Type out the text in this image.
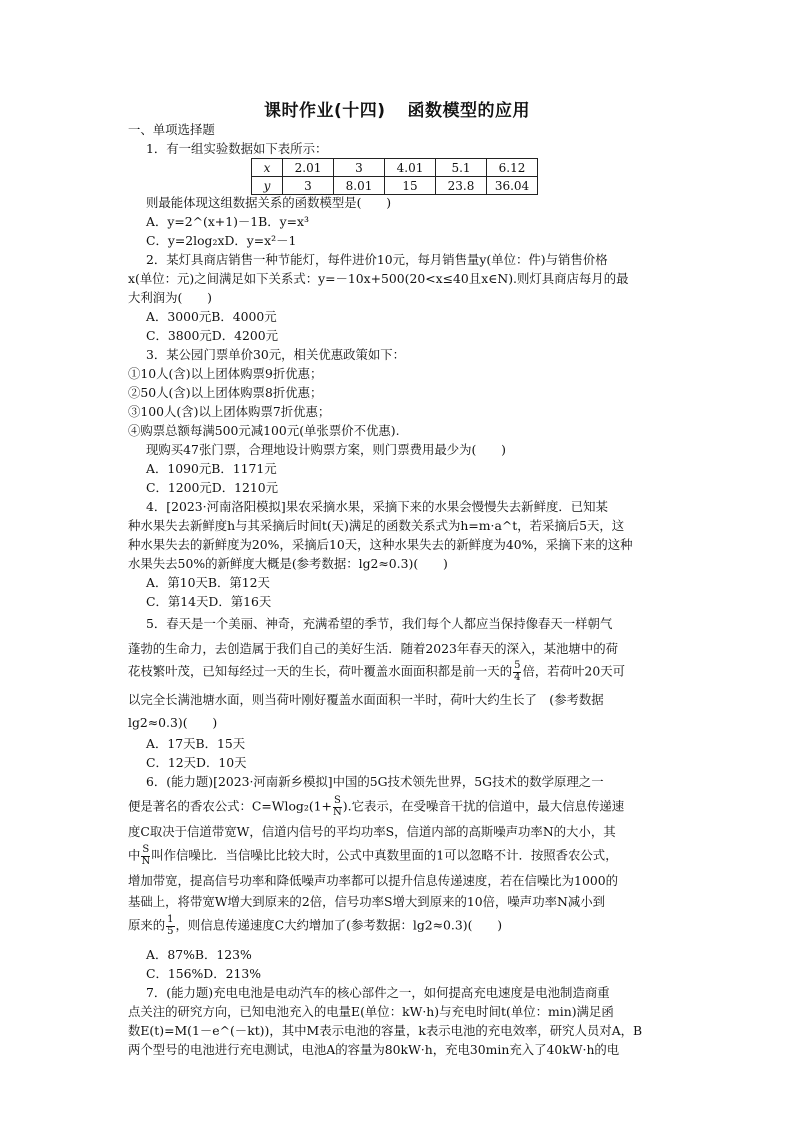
课时作业(十四) 函数模型的应用
一、单项选择题
1．有一组实验数据如下表所示：
x	2.01	3	4.01	5.1	6.12
y	3	8.01	15	23.8	36.04
则最能体现这组数据关系的函数模型是(　　)
A．y=2^(x+1)－1B．y=x³
C．y=2log₂xD．y=x²－1
2．某灯具商店销售一种节能灯，每件进价10元，每月销售量y(单位：件)与销售价格
x(单位：元)之间满足如下关系式：y=－10x+500(20<x≤40且x∈N).则灯具商店每月的最
大利润为(　　)
A．3000元B．4000元
C．3800元D．4200元
3．某公园门票单价30元，相关优惠政策如下：
①10人(含)以上团体购票9折优惠；
②50人(含)以上团体购票8折优惠；
③100人(含)以上团体购票7折优惠；
④购票总额每满500元减100元(单张票价不优惠).
现购买47张门票，合理地设计购票方案，则门票费用最少为(　　)
A．1090元B．1171元
C．1200元D．1210元
4．[2023·河南洛阳模拟]果农采摘水果，采摘下来的水果会慢慢失去新鲜度．已知某
种水果失去新鲜度h与其采摘后时间t(天)满足的函数关系式为h=m·a^t，若采摘后5天，这
种水果失去的新鲜度为20%，采摘后10天，这种水果失去的新鲜度为40%，采摘下来的这种
水果失去50%的新鲜度大概是(参考数据：lg2≈0.3)(　　)
A．第10天B．第12天
C．第14天D．第16天
5．春天是一个美丽、神奇，充满希望的季节，我们每个人都应当保持像春天一样朝气
蓬勃的生命力，去创造属于我们自己的美好生活．随着2023年春天的深入，某池塘中的荷
花枝繁叶茂，已知每经过一天的生长，荷叶覆盖水面面积都是前一天的 $\frac{5}{4}$ 倍，若荷叶20天可
以完全长满池塘水面，则当荷叶刚好覆盖水面面积一半时，荷叶大约生长了　(参考数据
lg2≈0.3)(　　)
A．17天B．15天
C．12天D．10天
6．(能力题)[2023·河南新乡模拟]中国的5G技术领先世界，5G技术的数学原理之一
便是著名的香农公式：$C=Wlog_2(1+ \frac{S}{N}$ ).它表示，在受噪音干扰的信道中，最大信息传递速
度C取决于信道带宽W，信道内信号的平均功率S，信道内部的高斯噪声功率N的大小，其
中 $\frac{S}{N}$ 叫作信噪比．当信噪比比较大时，公式中真数里面的1可以忽略不计．按照香农公式，
增加带宽，提高信号功率和降低噪声功率都可以提升信息传递速度，若在信噪比为1000的
基础上，将带宽W增大到原来的2倍，信号功率S增大到原来的10倍，噪声功率N减小到
原来的 $\frac{1}{5}$ ，则信息传递速度C大约增加了(参考数据：lg2≈0.3)(　　)
A．87%B．123%
C．156%D．213%
7．(能力题)充电电池是电动汽车的核心部件之一，如何提高充电速度是电池制造商重
点关注的研究方向，已知电池充入的电量E(单位：kW·h)与充电时间t(单位：min)满足函
数E(t)=M(1－e^(－kt))，其中M表示电池的容量，k表示电池的充电效率，研究人员对A，B
两个型号的电池进行充电测试，电池A的容量为80kW·h，充电30min充入了40kW·h的电
